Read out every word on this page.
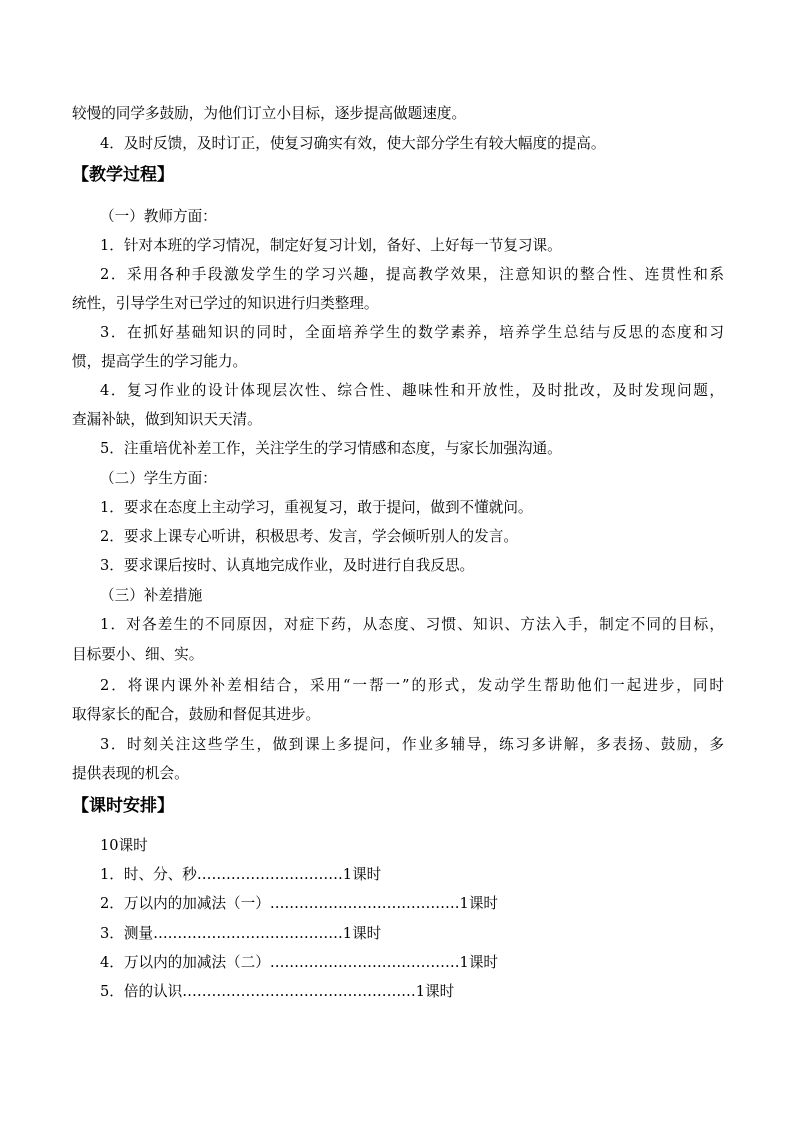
较慢的同学多鼓励，为他们订立小目标，逐步提高做题速度。
4．及时反馈，及时订正，使复习确实有效，使大部分学生有较大幅度的提高。
【教学过程】
（一）教师方面：
1．针对本班的学习情况，制定好复习计划，备好、上好每一节复习课。
2．采用各种手段激发学生的学习兴趣，提高教学效果，注意知识的整合性、连贯性和系
统性，引导学生对已学过的知识进行归类整理。
3．在抓好基础知识的同时，全面培养学生的数学素养，培养学生总结与反思的态度和习
惯，提高学生的学习能力。
4．复习作业的设计体现层次性、综合性、趣味性和开放性，及时批改，及时发现问题，
查漏补缺，做到知识天天清。
5．注重培优补差工作，关注学生的学习情感和态度，与家长加强沟通。
（二）学生方面：
1．要求在态度上主动学习，重视复习，敢于提问，做到不懂就问。
2．要求上课专心听讲，积极思考、发言，学会倾听别人的发言。
3．要求课后按时、认真地完成作业，及时进行自我反思。
（三）补差措施
1．对各差生的不同原因，对症下药，从态度、习惯、知识、方法入手，制定不同的目标，
目标要小、细、实。
2．将课内课外补差相结合，采用“一帮一”的形式，发动学生帮助他们一起进步，同时
取得家长的配合，鼓励和督促其进步。
3．时刻关注这些学生，做到课上多提问，作业多辅导，练习多讲解，多表扬、鼓励，多
提供表现的机会。
【课时安排】
10课时
1．时、分、秒…………………………1课时
2．万以内的加减法（一）…………………………………1课时
3．测量…………………………………1课时
4．万以内的加减法（二）…………………………………1课时
5．倍的认识…………………………………………1课时
